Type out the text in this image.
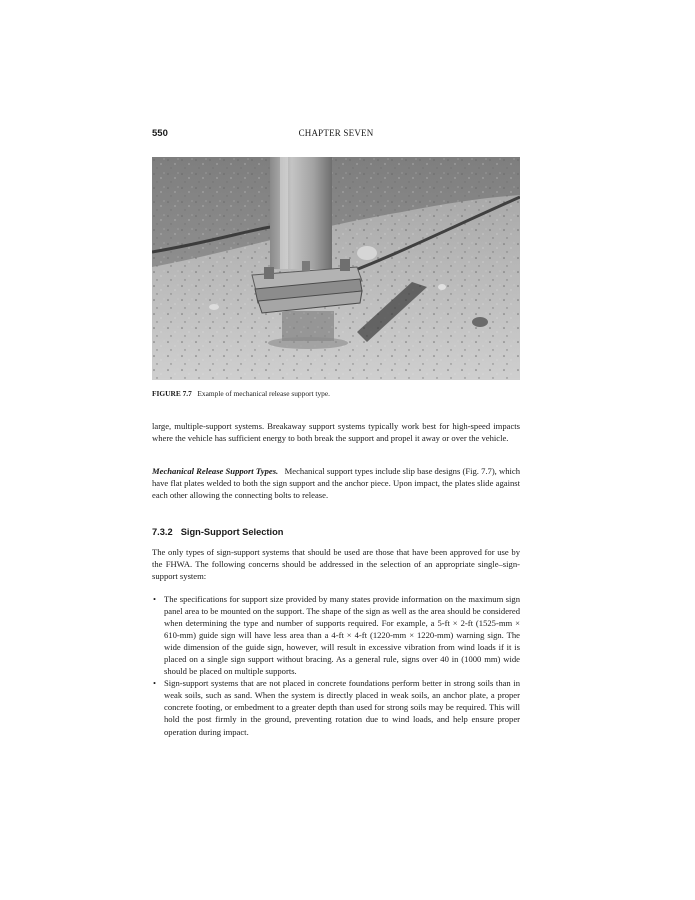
550	CHAPTER SEVEN
FIGURE 7.7 Example of mechanical release support type.

large, multiple-support systems. Breakaway support systems typically work best for high-speed impacts where the vehicle has sufficient energy to both break the support and propel it away or over the vehicle.

Mechanical Release Support Types. Mechanical support types include slip base designs (Fig. 7.7), which have flat plates welded to both the sign support and the anchor piece. Upon impact, the plates slide against each other allowing the connecting bolts to release.

7.3.2 Sign-Support Selection

The only types of sign-support systems that should be used are those that have been approved for use by the FHWA. The following concerns should be addressed in the selection of an appropriate single–sign-support system:

• The specifications for support size provided by many states provide information on the maximum sign panel area to be mounted on the support. The shape of the sign as well as the area should be considered when determining the type and number of supports required. For example, a 5-ft × 2-ft (1525-mm × 610-mm) guide sign will have less area than a 4-ft × 4-ft (1220-mm × 1220-mm) warning sign. The wide dimension of the guide sign, however, will result in excessive vibration from wind loads if it is placed on a single sign support without bracing. As a general rule, signs over 40 in (1000 mm) wide should be placed on multiple supports.
• Sign-support systems that are not placed in concrete foundations perform better in strong soils than in weak soils, such as sand. When the system is directly placed in weak soils, an anchor plate, a proper concrete footing, or embedment to a greater depth than used for strong soils may be required. This will hold the post firmly in the ground, preventing rotation due to wind loads, and help ensure proper operation during impact.
